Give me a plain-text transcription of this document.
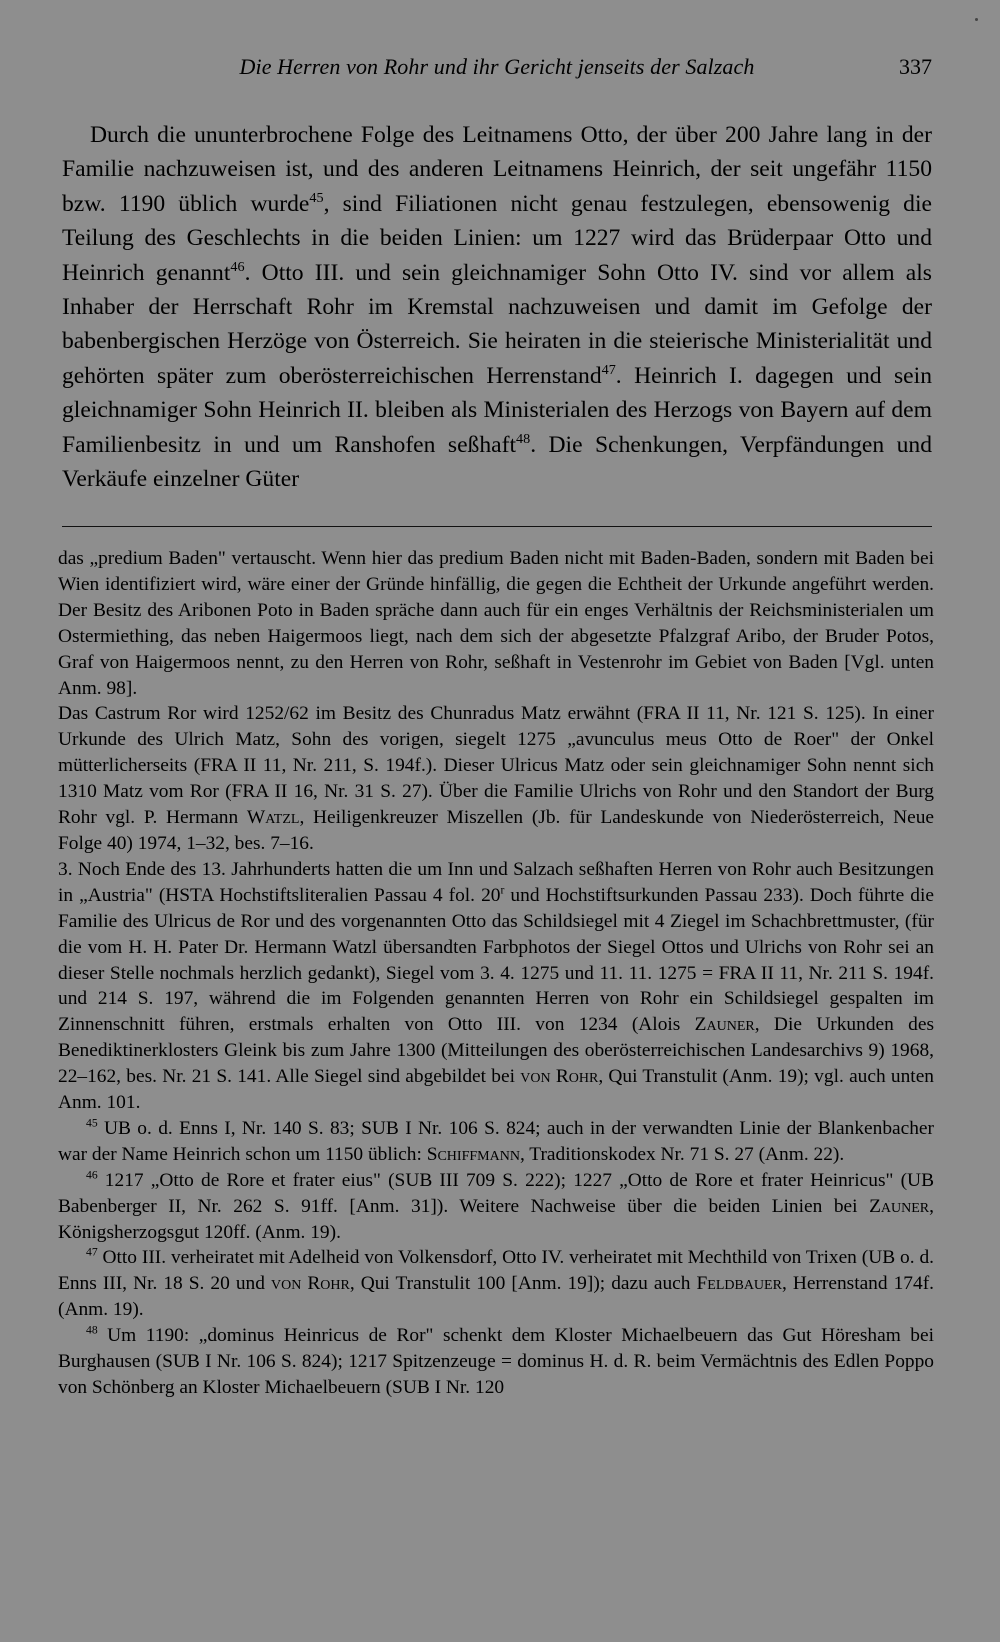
Die Herren von Rohr und ihr Gericht jenseits der Salzach	337

Durch die ununterbrochene Folge des Leitnamens Otto, der über 200 Jahre lang in der Familie nachzuweisen ist, und des anderen Leitnamens Heinrich, der seit ungefähr 1150 bzw. 1190 üblich wurde$^{45}$, sind Filiationen nicht genau festzulegen, ebensowenig die Teilung des Geschlechts in die beiden Linien: um 1227 wird das Brüderpaar Otto und Heinrich genannt$^{46}$. Otto III. und sein gleichnamiger Sohn Otto IV. sind vor allem als Inhaber der Herrschaft Rohr im Kremstal nachzuweisen und damit im Gefolge der babenbergischen Herzöge von Österreich. Sie heiraten in die steierische Ministerialität und gehörten später zum oberösterreichischen Herrenstand$^{47}$. Heinrich I. dagegen und sein gleichnamiger Sohn Heinrich II. bleiben als Ministerialen des Herzogs von Bayern auf dem Familienbesitz in und um Ranshofen seßhaft$^{48}$. Die Schenkungen, Verpfändungen und Verkäufe einzelner Güter

das „predium Baden" vertauscht. Wenn hier das predium Baden nicht mit Baden-Baden, sondern mit Baden bei Wien identifiziert wird, wäre einer der Gründe hinfällig, die gegen die Echtheit der Urkunde angeführt werden. Der Besitz des Aribonen Poto in Baden spräche dann auch für ein enges Verhältnis der Reichsministerialen um Ostermiething, das neben Haigermoos liegt, nach dem sich der abgesetzte Pfalzgraf Aribo, der Bruder Potos, Graf von Haigermoos nennt, zu den Herren von Rohr, seßhaft in Vestenrohr im Gebiet von Baden [Vgl. unten Anm. 98].

Das Castrum Ror wird 1252/62 im Besitz des Chunradus Matz erwähnt (FRA II 11, Nr. 121 S. 125). In einer Urkunde des Ulrich Matz, Sohn des vorigen, siegelt 1275 „avunculus meus Otto de Roer" der Onkel mütterlicherseits (FRA II 11, Nr. 211, S. 194f.). Dieser Ulricus Matz oder sein gleichnamiger Sohn nennt sich 1310 Matz vom Ror (FRA II 16, Nr. 31 S. 27). Über die Familie Ulrichs von Rohr und den Standort der Burg Rohr vgl. P. Hermann Watzl, Heiligenkreuzer Miszellen (Jb. für Landeskunde von Niederösterreich, Neue Folge 40) 1974, 1–32, bes. 7–16.

3. Noch Ende des 13. Jahrhunderts hatten die um Inn und Salzach seßhaften Herren von Rohr auch Besitzungen in „Austria" (HSTA Hochstiftsliteralien Passau 4 fol. 20$^r$ und Hochstiftsurkunden Passau 233). Doch führte die Familie des Ulricus de Ror und des vorgenannten Otto das Schildsiegel mit 4 Ziegel im Schachbrettmuster, (für die vom H. H. Pater Dr. Hermann Watzl übersandten Farbphotos der Siegel Ottos und Ulrichs von Rohr sei an dieser Stelle nochmals herzlich gedankt), Siegel vom 3. 4. 1275 und 11. 11. 1275 = FRA II 11, Nr. 211 S. 194f. und 214 S. 197, während die im Folgenden genannten Herren von Rohr ein Schildsiegel gespalten im Zinnenschnitt führen, erstmals erhalten von Otto III. von 1234 (Alois Zauner, Die Urkunden des Benediktinerklosters Gleink bis zum Jahre 1300 (Mitteilungen des oberösterreichischen Landesarchivs 9) 1968, 22–162, bes. Nr. 21 S. 141. Alle Siegel sind abgebildet bei von Rohr, Qui Transtulit (Anm. 19); vgl. auch unten Anm. 101.

$^{45}$ UB o. d. Enns I, Nr. 140 S. 83; SUB I Nr. 106 S. 824; auch in der verwandten Linie der Blankenbacher war der Name Heinrich schon um 1150 üblich: Schiffmann, Traditionskodex Nr. 71 S. 27 (Anm. 22).

$^{46}$ 1217 „Otto de Rore et frater eius" (SUB III 709 S. 222); 1227 „Otto de Rore et frater Heinricus" (UB Babenberger II, Nr. 262 S. 91ff. [Anm. 31]). Weitere Nachweise über die beiden Linien bei Zauner, Königsherzogsgut 120ff. (Anm. 19).

$^{47}$ Otto III. verheiratet mit Adelheid von Volkensdorf, Otto IV. verheiratet mit Mechthild von Trixen (UB o. d. Enns III, Nr. 18 S. 20 und von Rohr, Qui Transtulit 100 [Anm. 19]); dazu auch Feldbauer, Herrenstand 174f. (Anm. 19).

$^{48}$ Um 1190: „dominus Heinricus de Ror" schenkt dem Kloster Michaelbeuern das Gut Höresham bei Burghausen (SUB I Nr. 106 S. 824); 1217 Spitzenzeuge = dominus H. d. R. beim Vermächtnis des Edlen Poppo von Schönberg an Kloster Michaelbeuern (SUB I Nr. 120
